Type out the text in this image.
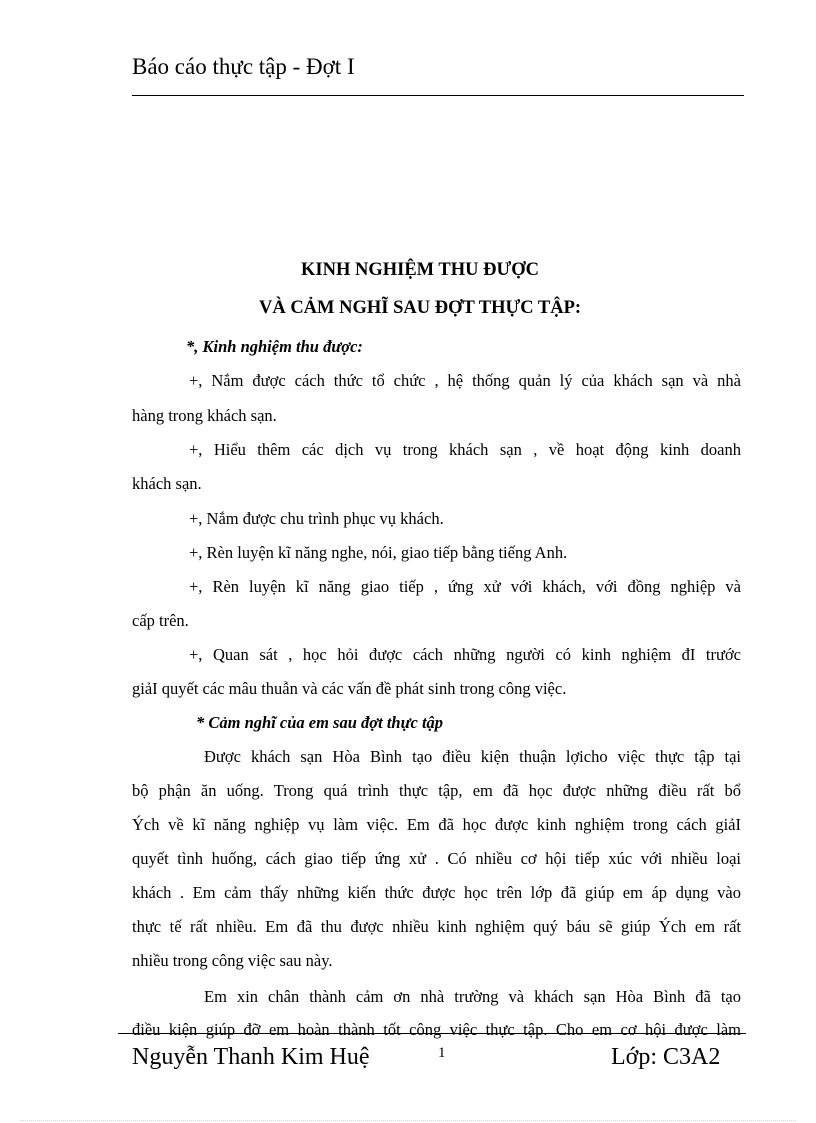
Báo cáo thực tập - Đợt I
KINH NGHIỆM THU ĐƯỢC
VÀ CẢM NGHĨ SAU ĐỢT THỰC TẬP:
*, Kinh nghiệm thu được:
+, Nắm được cách thức tổ chức , hệ thống quản lý của khách sạn và nhà
hàng trong khách sạn.
+, Hiểu thêm các dịch vụ trong khách sạn , về hoạt động kinh doanh
khách sạn.
+, Nắm được chu trình phục vụ khách.
+, Rèn luyện kĩ năng nghe, nói, giao tiếp bằng tiếng Anh.
+, Rèn luyện kĩ năng giao tiếp , ứng xử với khách, với đồng nghiệp và
cấp trên.
+, Quan sát , học hỏi được cách những người có kinh nghiệm đI trước
giảI quyết các mâu thuẫn và các vấn đề phát sinh trong công việc.
* Cảm nghĩ của em sau đợt thực tập
Được khách sạn Hòa Bình tạo điều kiện thuận lợicho việc thực tập tại
bộ phận ăn uống. Trong quá trình thực tập, em đã học được những điều rất bổ
Ých về kĩ năng nghiệp vụ làm việc. Em đã học được kinh nghiệm trong cách giảI
quyết tình huống, cách giao tiếp ứng xử . Có nhiều cơ hội tiếp xúc với nhiều loại
khách . Em cảm thấy những kiến thức được học trên lớp đã giúp em áp dụng vào
thực tế rất nhiều. Em đã thu được nhiều kinh nghiệm quý báu sẽ giúp Ých em rất
nhiều trong công việc sau này.
Em xin chân thành cảm ơn nhà trường và khách sạn Hòa Bình đã tạo
điều kiện giúp đỡ em hoàn thành tốt công việc thực tập. Cho em cơ hội được làm
Nguyễn Thanh Kim Huệ	1	Lớp: C3A2
